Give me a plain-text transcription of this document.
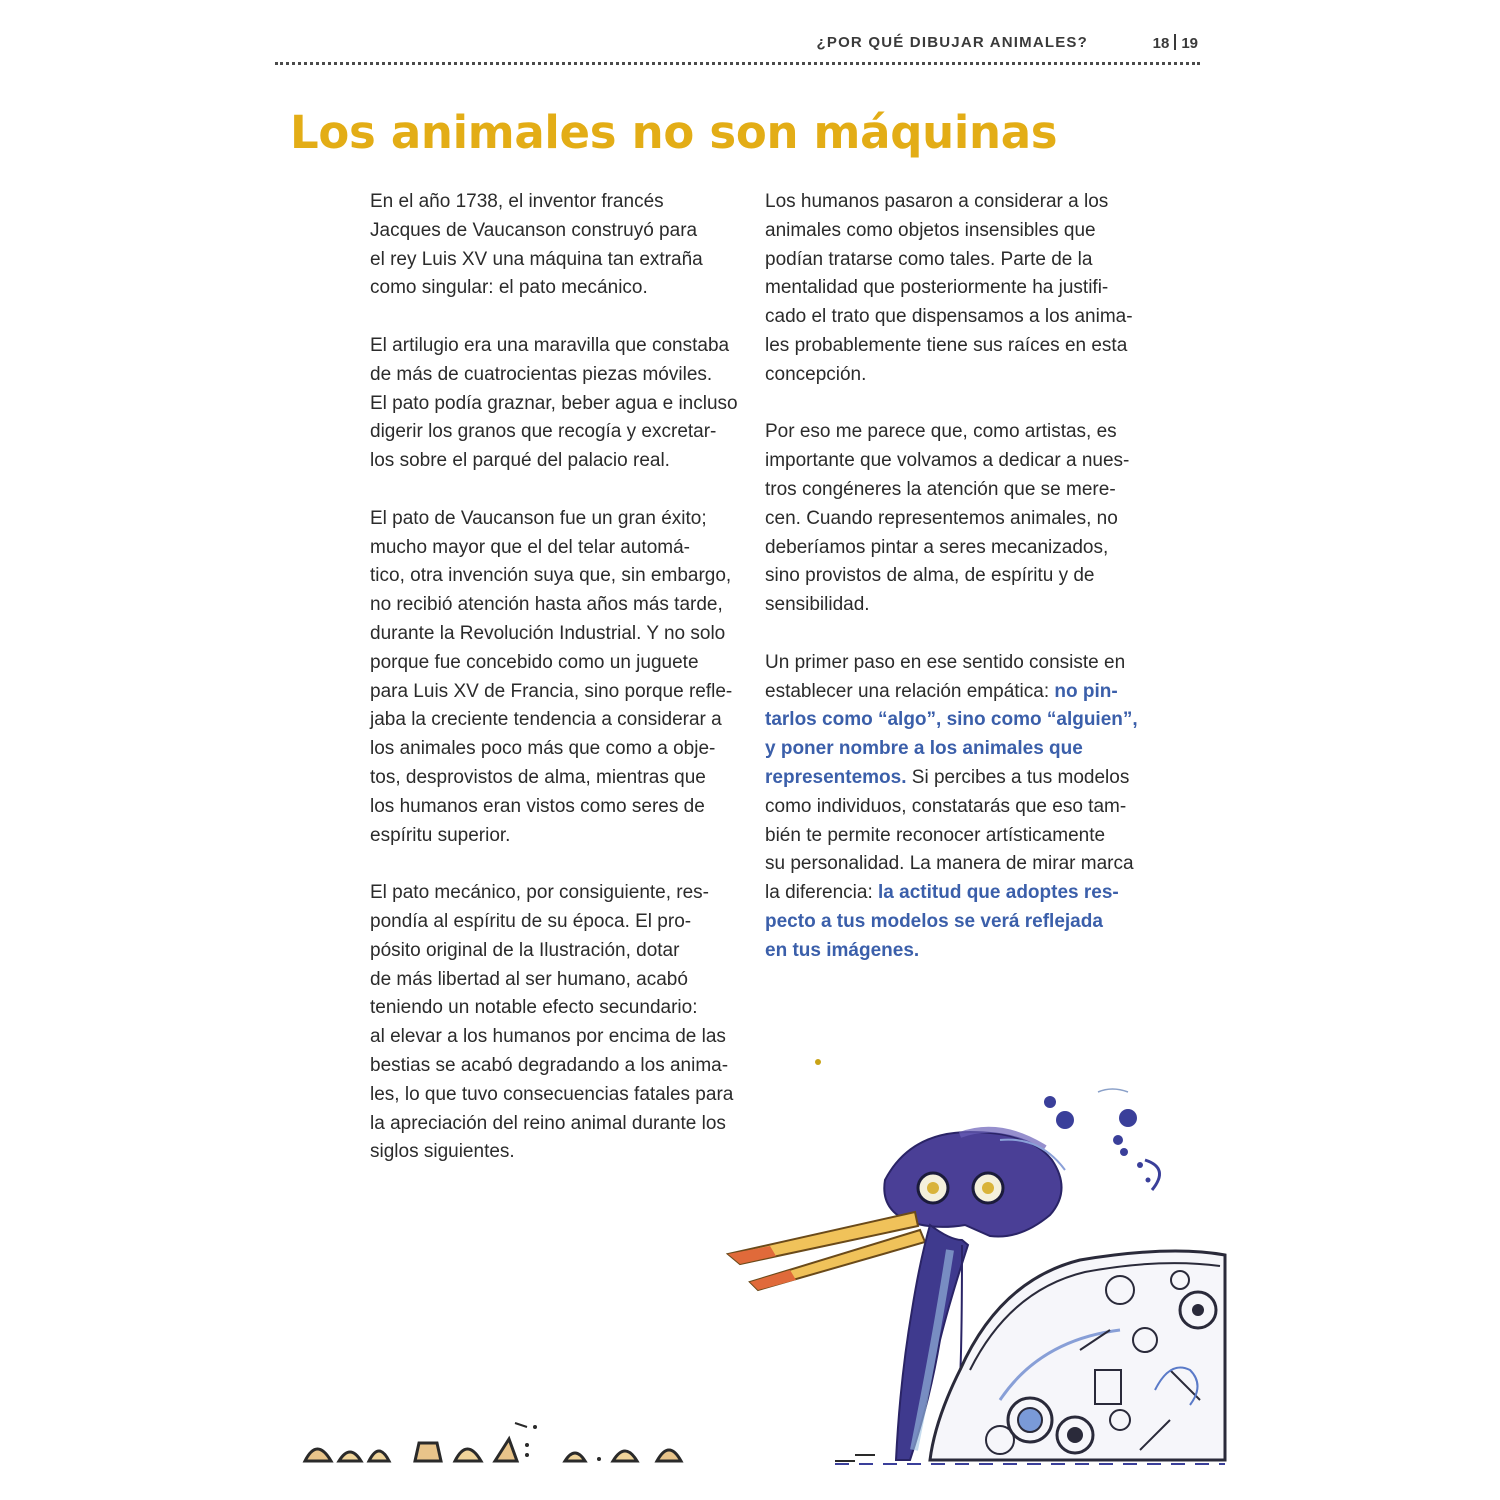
¿POR QUÉ DIBUJAR ANIMALES?	18 19
Los animales no son máquinas

En el año 1738, el inventor francés
Jacques de Vaucanson construyó para
el rey Luis XV una máquina tan extraña
como singular: el pato mecánico.

El artilugio era una maravilla que constaba
de más de cuatrocientas piezas móviles.
El pato podía graznar, beber agua e incluso
digerir los granos que recogía y excretar-
los sobre el parqué del palacio real.

El pato de Vaucanson fue un gran éxito;
mucho mayor que el del telar automá-
tico, otra invención suya que, sin embargo,
no recibió atención hasta años más tarde,
durante la Revolución Industrial. Y no solo
porque fue concebido como un juguete
para Luis XV de Francia, sino porque refle-
jaba la creciente tendencia a considerar a
los animales poco más que como a obje-
tos, desprovistos de alma, mientras que
los humanos eran vistos como seres de
espíritu superior.

El pato mecánico, por consiguiente, res-
pondía al espíritu de su época. El pro-
pósito original de la Ilustración, dotar
de más libertad al ser humano, acabó
teniendo un notable efecto secundario:
al elevar a los humanos por encima de las
bestias se acabó degradando a los anima-
les, lo que tuvo consecuencias fatales para
la apreciación del reino animal durante los
siglos siguientes.

Los humanos pasaron a considerar a los
animales como objetos insensibles que
podían tratarse como tales. Parte de la
mentalidad que posteriormente ha justifi-
cado el trato que dispensamos a los anima-
les probablemente tiene sus raíces en esta
concepción.

Por eso me parece que, como artistas, es
importante que volvamos a dedicar a nues-
tros congéneres la atención que se mere-
cen. Cuando representemos animales, no
deberíamos pintar a seres mecanizados,
sino provistos de alma, de espíritu y de
sensibilidad.

Un primer paso en ese sentido consiste en
establecer una relación empática: no pin-
tarlos como “algo”, sino como “alguien”,
y poner nombre a los animales que
representemos. Si percibes a tus modelos
como individuos, constatarás que eso tam-
bién te permite reconocer artísticamente
su personalidad. La manera de mirar marca
la diferencia: la actitud que adoptes res-
pecto a tus modelos se verá reflejada
en tus imágenes.
